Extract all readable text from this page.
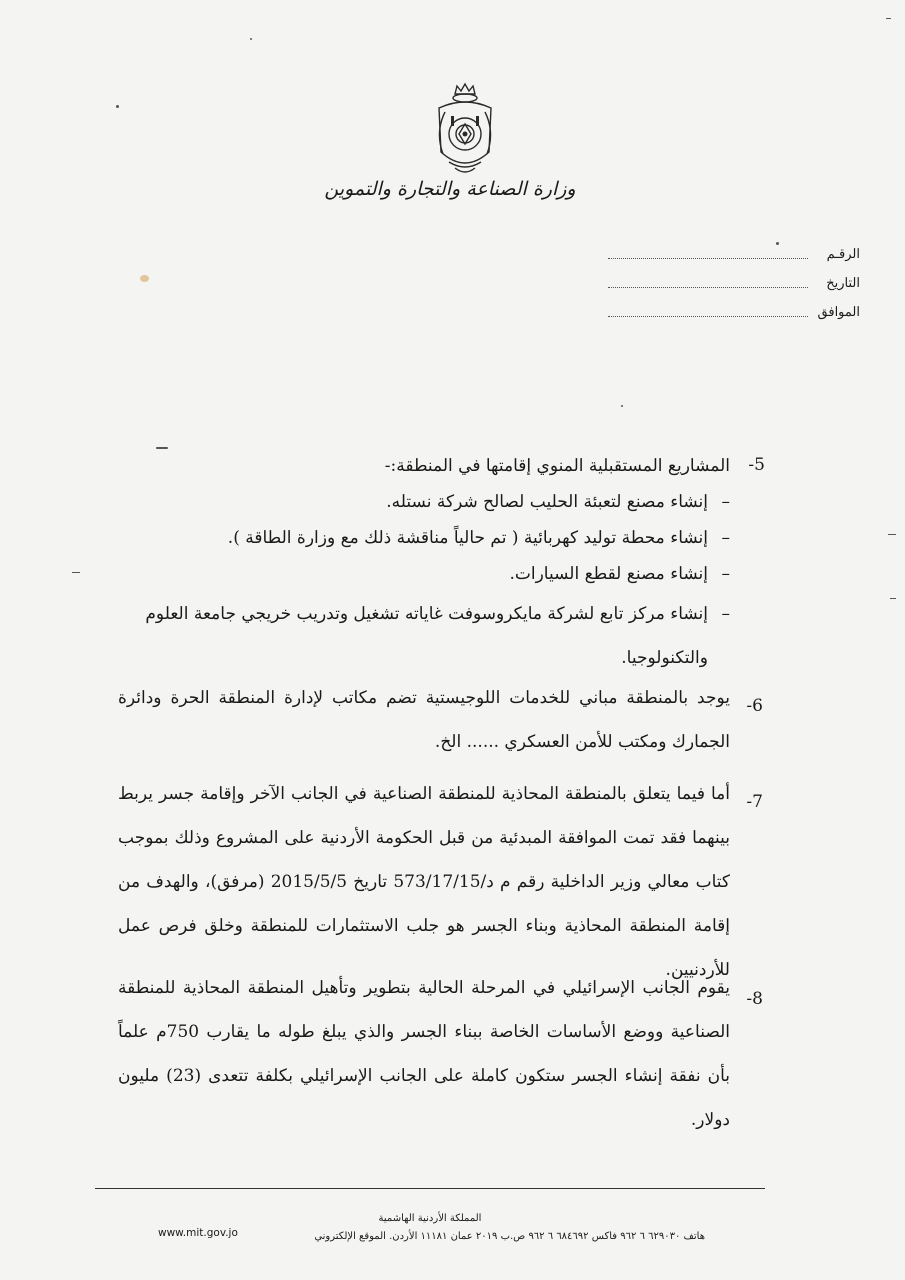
وزارة الصناعة والتجارة والتموين
الرقـم
التاريخ
الموافق
5-
المشاريع المستقبلية المنوي إقامتها في المنطقة:-
– إنشاء مصنع لتعبئة الحليب لصالح شركة نستله.
– إنشاء محطة توليد كهربائية ( تم حالياً مناقشة ذلك مع وزارة الطاقة ).
– إنشاء مصنع لقطع السيارات.
– إنشاء مركز تابع لشركة مايكروسوفت غاياته تشغيل وتدريب خريجي جامعة العلوم والتكنولوجيا.
6-
يوجد بالمنطقة مباني للخدمات اللوجيستية تضم مكاتب لإدارة المنطقة الحرة ودائرة الجمارك ومكتب للأمن العسكري ...... الخ.
7-
أما فيما يتعلق بالمنطقة المحاذية للمنطقة الصناعية في الجانب الآخر وإقامة جسر يربط بينهما فقد تمت الموافقة المبدئية من قبل الحكومة الأردنية على المشروع وذلك بموجب كتاب معالي وزير الداخلية رقم م د/573/17/15 تاريخ 2015/5/5 (مرفق)، والهدف من إقامة المنطقة المحاذية وبناء الجسر هو جلب الاستثمارات للمنطقة وخلق فرص عمل للأردنيين.
8-
يقوم الجانب الإسرائيلي في المرحلة الحالية بتطوير وتأهيل المنطقة المحاذية للمنطقة الصناعية ووضع الأساسات الخاصة ببناء الجسر والذي يبلغ طوله ما يقارب 750م علماً بأن نفقة إنشاء الجسر ستكون كاملة على الجانب الإسرائيلي بكلفة تتعدى (23) مليون دولار.
المملكة الأردنية الهاشمية
هاتف ٦٢٩٠٣٠ ٦ ٩٦٢ فاكس ٦٨٤٦٩٢ ٦ ٩٦٢ ص.ب ٢٠١٩ عمان ١١١٨١ الأردن. الموقع الإلكتروني
www.mit.gov.jo
